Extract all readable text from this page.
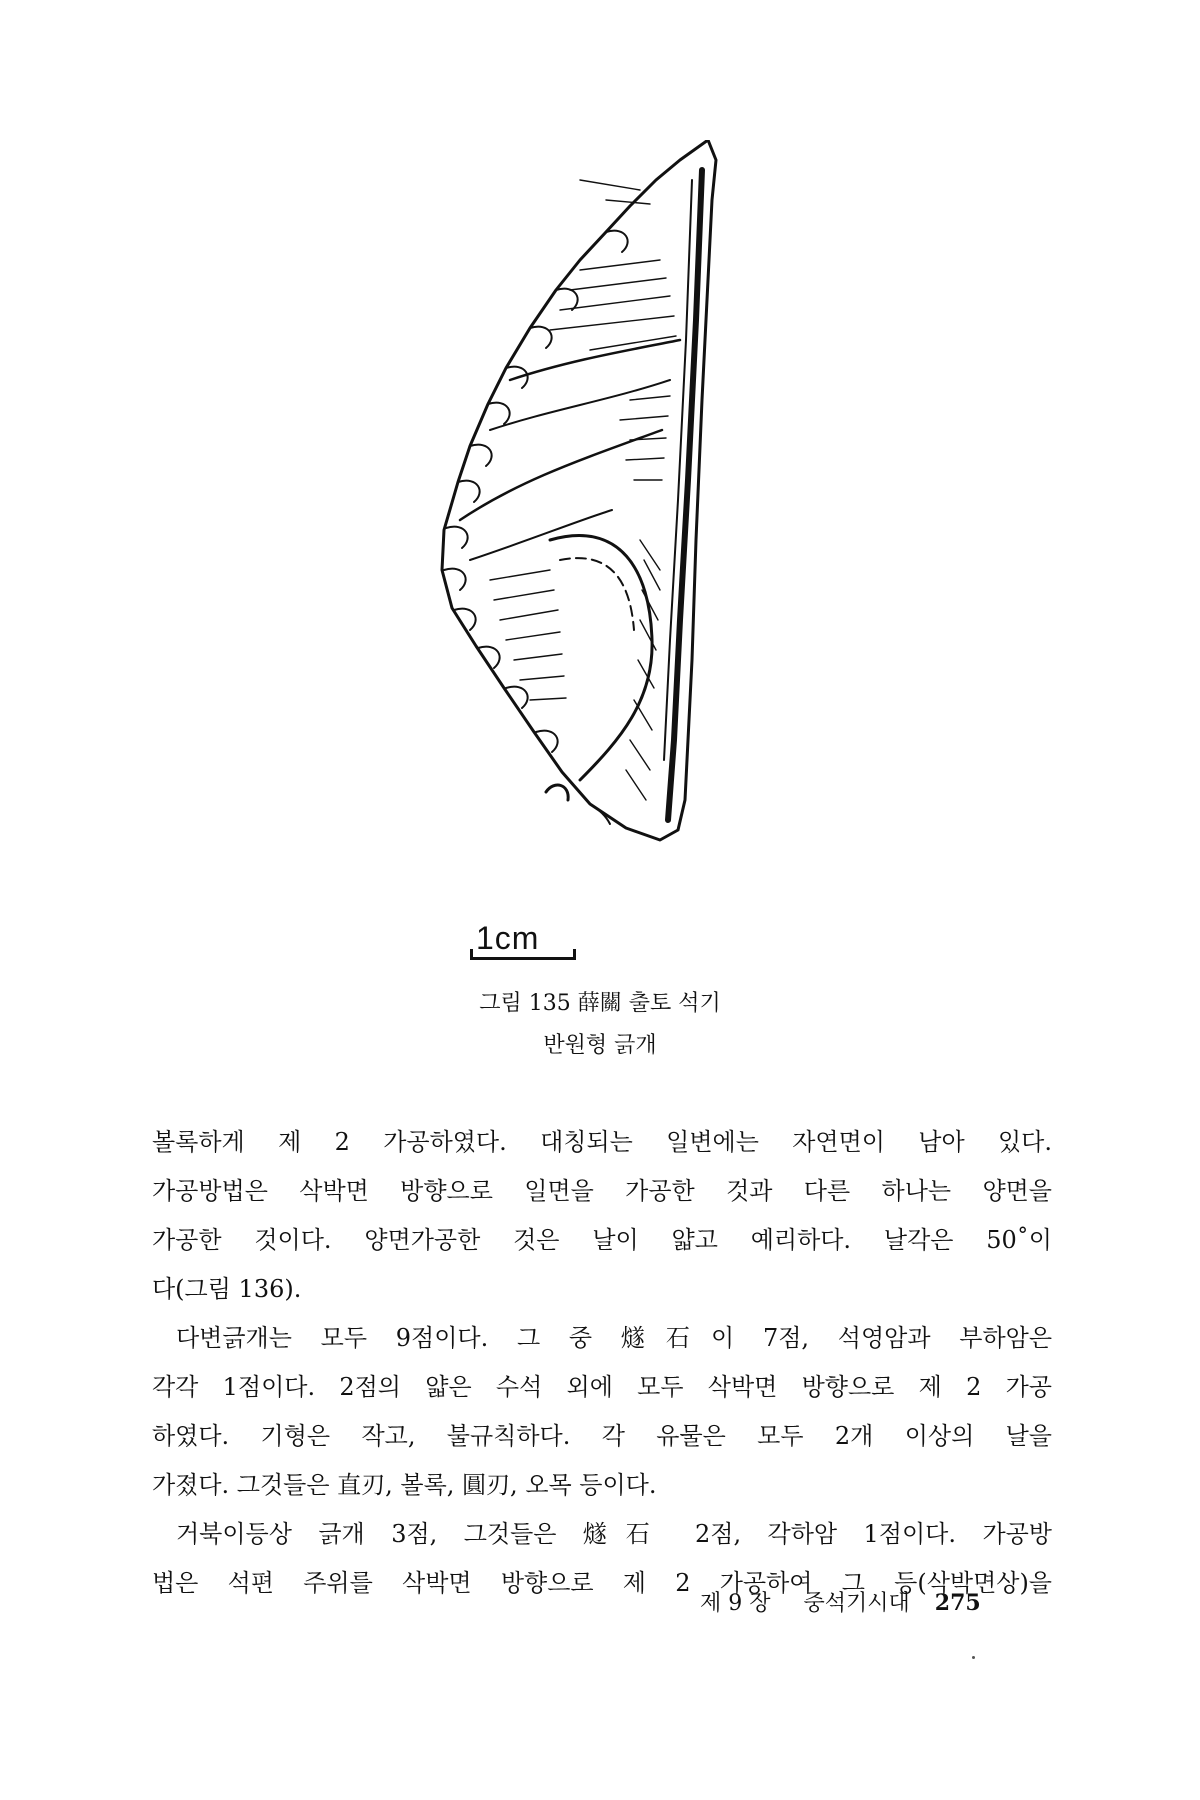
1cm
그림 135 薛關 출토 석기
반원형 긁개
볼록하게 제 2 가공하였다. 대칭되는 일변에는 자연면이 남아 있다.
가공방법은 삭박면 방향으로 일면을 가공한 것과 다른 하나는 양면을
가공한 것이다. 양면가공한 것은 날이 얇고 예리하다. 날각은 50˚이
다(그림 136).
다변긁개는 모두 9점이다. 그 중 燧石이 7점, 석영암과 부하암은
각각 1점이다. 2점의 얇은 수석 외에 모두 삭박면 방향으로 제 2 가공
하였다. 기형은 작고, 불규칙하다. 각 유물은 모두 2개 이상의 날을
가졌다. 그것들은 直刃, 볼록, 圓刃, 오목 등이다.
거북이등상 긁개 3점, 그것들은 燧石 2점, 각하암 1점이다. 가공방
법은 석편 주위를 삭박면 방향으로 제 2 가공하여 그 등(삭박면상)을
제 9 장 중석기시대 275
